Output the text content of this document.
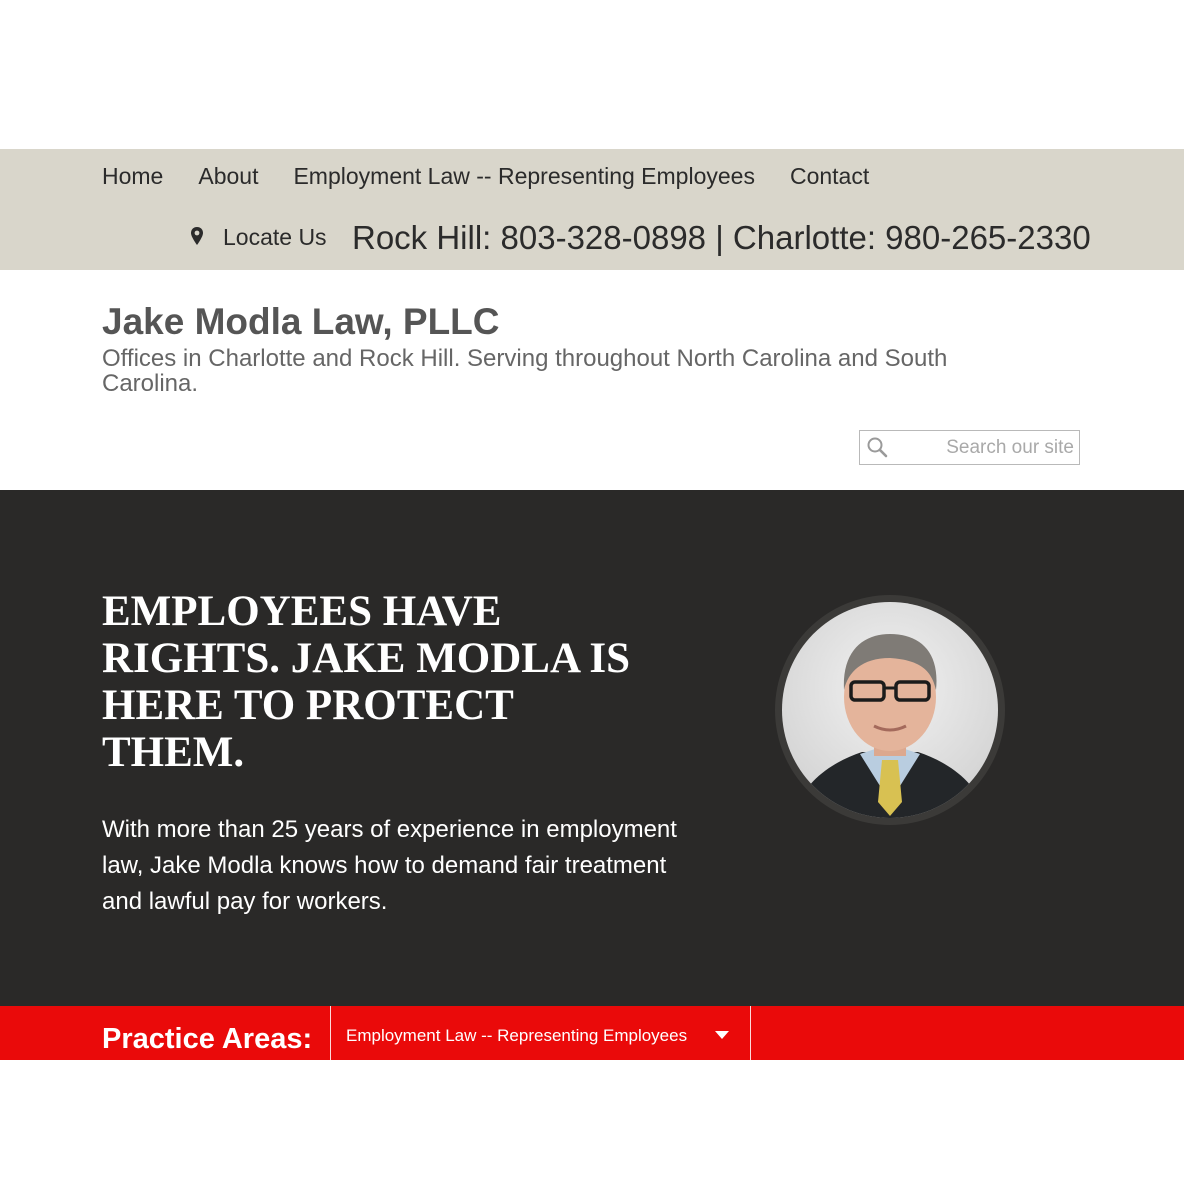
Home About Employment Law -- Representing Employees Contact
Locate Us Rock Hill: 803-328-0898 | Charlotte: 980-265-2330
Jake Modla Law, PLLC
Offices in Charlotte and Rock Hill. Serving throughout North Carolina and South Carolina.
Search our site
EMPLOYEES HAVE RIGHTS. JAKE MODLA IS HERE TO PROTECT THEM.

With more than 25 years of experience in employment law, Jake Modla knows how to demand fair treatment and lawful pay for workers.

Practice Areas: Employment Law -- Representing Employees
